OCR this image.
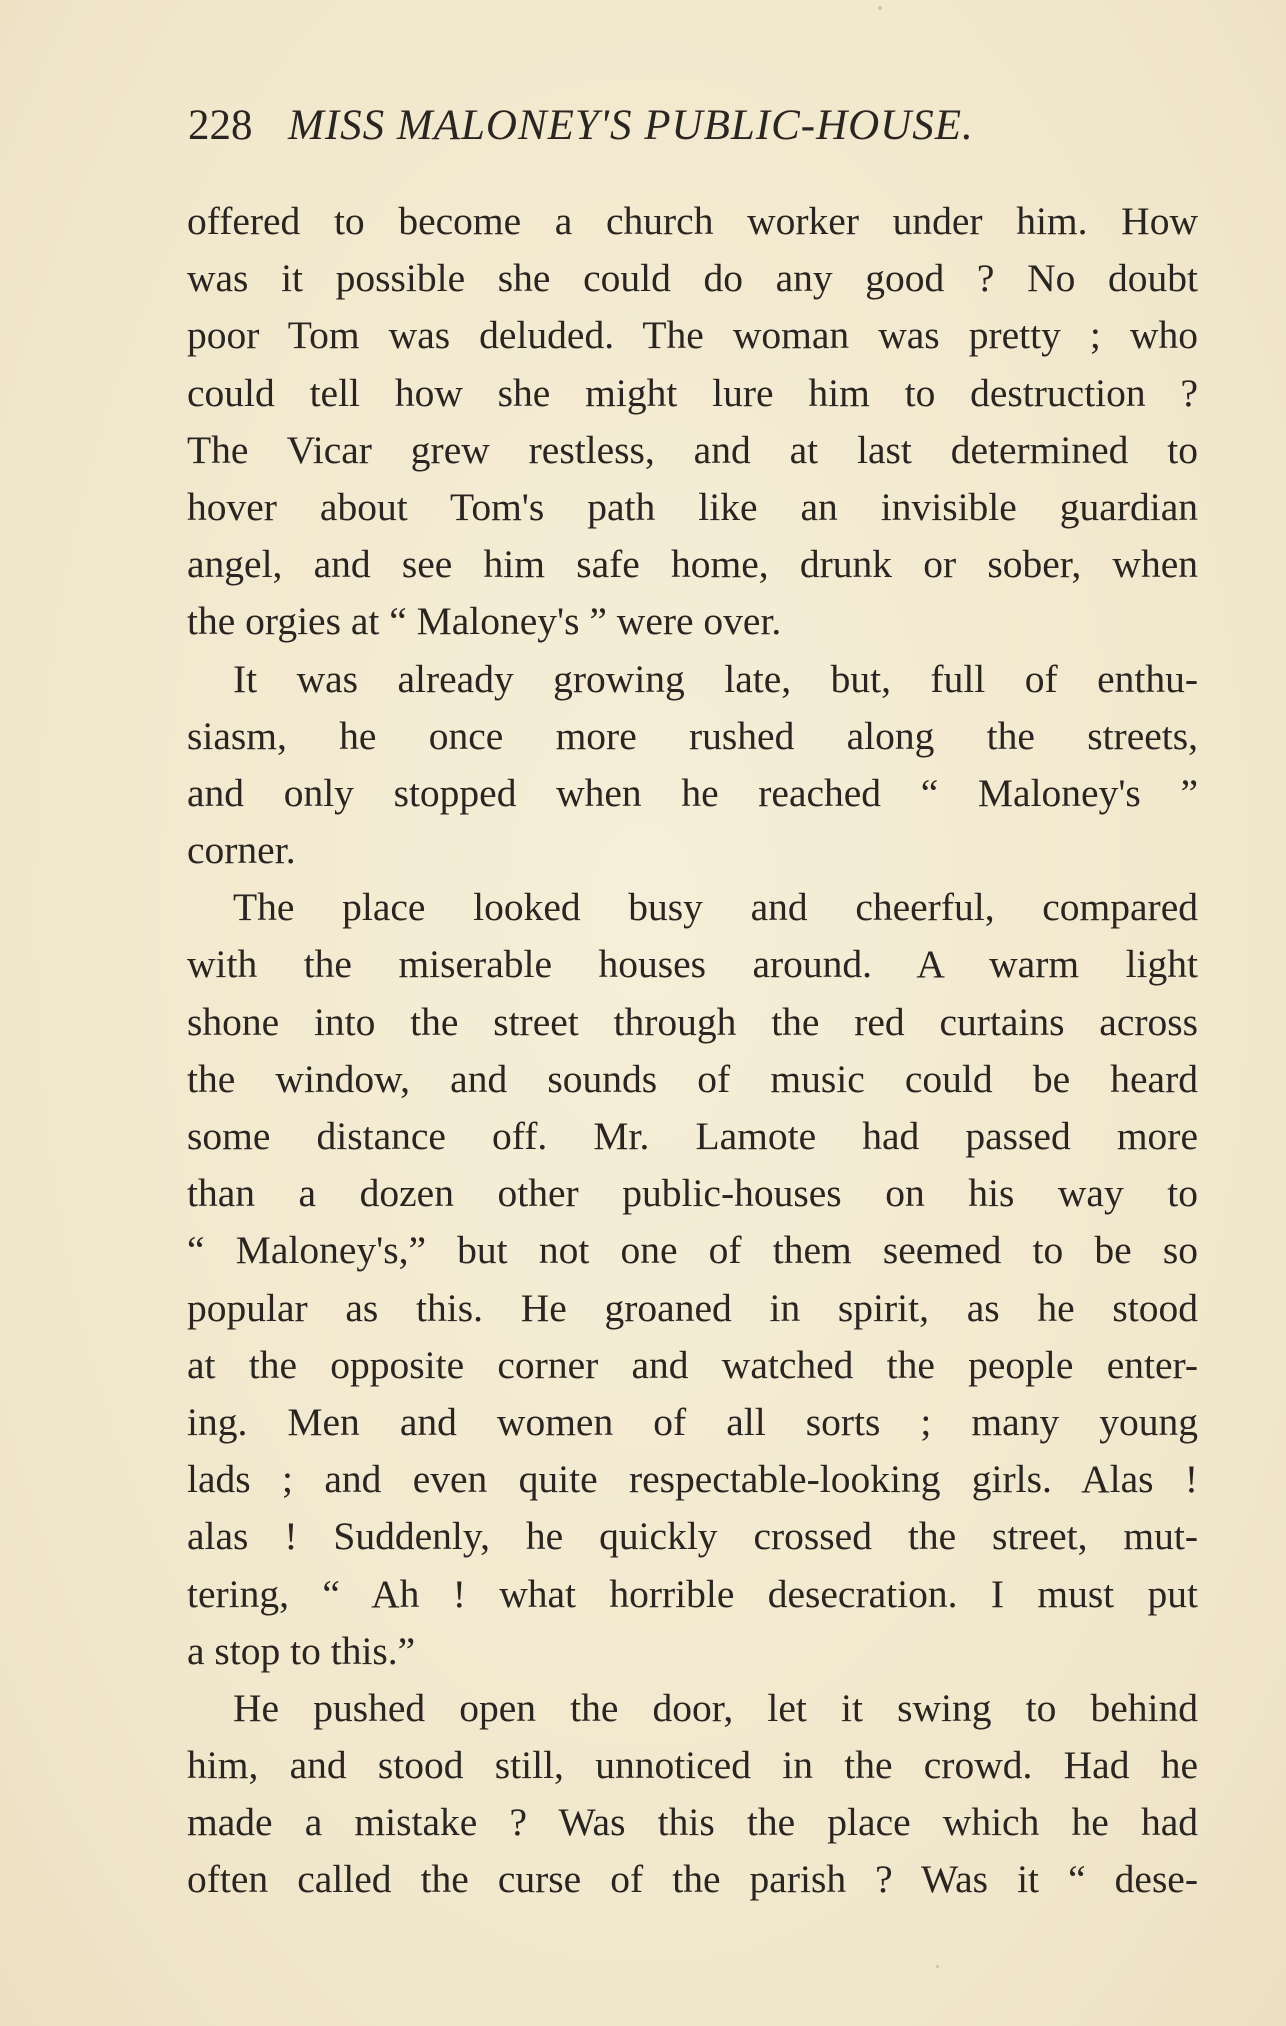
228 MISS MALONEY'S PUBLIC-HOUSE.
offered to become a church worker under him. How
was it possible she could do any good ? No doubt
poor Tom was deluded. The woman was pretty ; who
could tell how she might lure him to destruction ?
The Vicar grew restless, and at last determined to
hover about Tom's path like an invisible guardian
angel, and see him safe home, drunk or sober, when
the orgies at “ Maloney's ” were over.
It was already growing late, but, full of enthu-
siasm, he once more rushed along the streets,
and only stopped when he reached “ Maloney's ”
corner.
The place looked busy and cheerful, compared
with the miserable houses around. A warm light
shone into the street through the red curtains across
the window, and sounds of music could be heard
some distance off. Mr. Lamote had passed more
than a dozen other public-houses on his way to
“ Maloney's,” but not one of them seemed to be so
popular as this. He groaned in spirit, as he stood
at the opposite corner and watched the people enter-
ing. Men and women of all sorts ; many young
lads ; and even quite respectable-looking girls. Alas !
alas ! Suddenly, he quickly crossed the street, mut-
tering, “ Ah ! what horrible desecration. I must put
a stop to this.”
He pushed open the door, let it swing to behind
him, and stood still, unnoticed in the crowd. Had he
made a mistake ? Was this the place which he had
often called the curse of the parish ? Was it “ dese-
